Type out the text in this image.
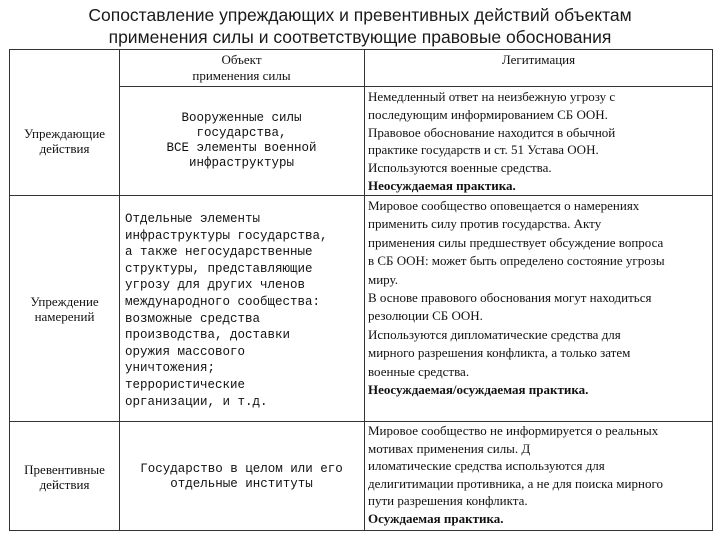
Сопоставление упреждающих и превентивных действий объектам
применения силы и соответствующие правовые обоснования
Объект
применения силы
Легитимация
Упреждающие
действия
Вооруженные силы
государства,
ВСЕ элементы военной
инфраструктуры
Немедленный ответ на неизбежную угрозу с
последующим информированием СБ ООН.
Правовое обоснование находится в обычной
практике государств и ст. 51 Устава ООН.
Используются военные средства.
Неосуждаемая практика.
Упреждение
намерений
Отдельные элементы
инфраструктуры государства,
а также негосударственные
структуры, представляющие
угрозу для других членов
международного сообщества:
возможные средства
производства, доставки
оружия массового
уничтожения;
террористические
организации, и т.д.
Мировое сообщество оповещается о намерениях
применить силу против государства. Акту
применения силы предшествует обсуждение вопроса
в СБ ООН: может быть определено состояние угрозы
миру.
В основе правового обоснования могут находиться
резолюции СБ ООН.
Используются дипломатические средства для
мирного разрешения конфликта, а только затем
военные средства.
Неосуждаемая/осуждаемая практика.
Превентивные
действия
Государство в целом или его
отдельные институты
Мировое сообщество не информируется о реальных
мотивах применения силы. Д
иломатические средства используются для
делигитимации противника, а не для поиска мирного
пути разрешения конфликта.
Осуждаемая практика.
